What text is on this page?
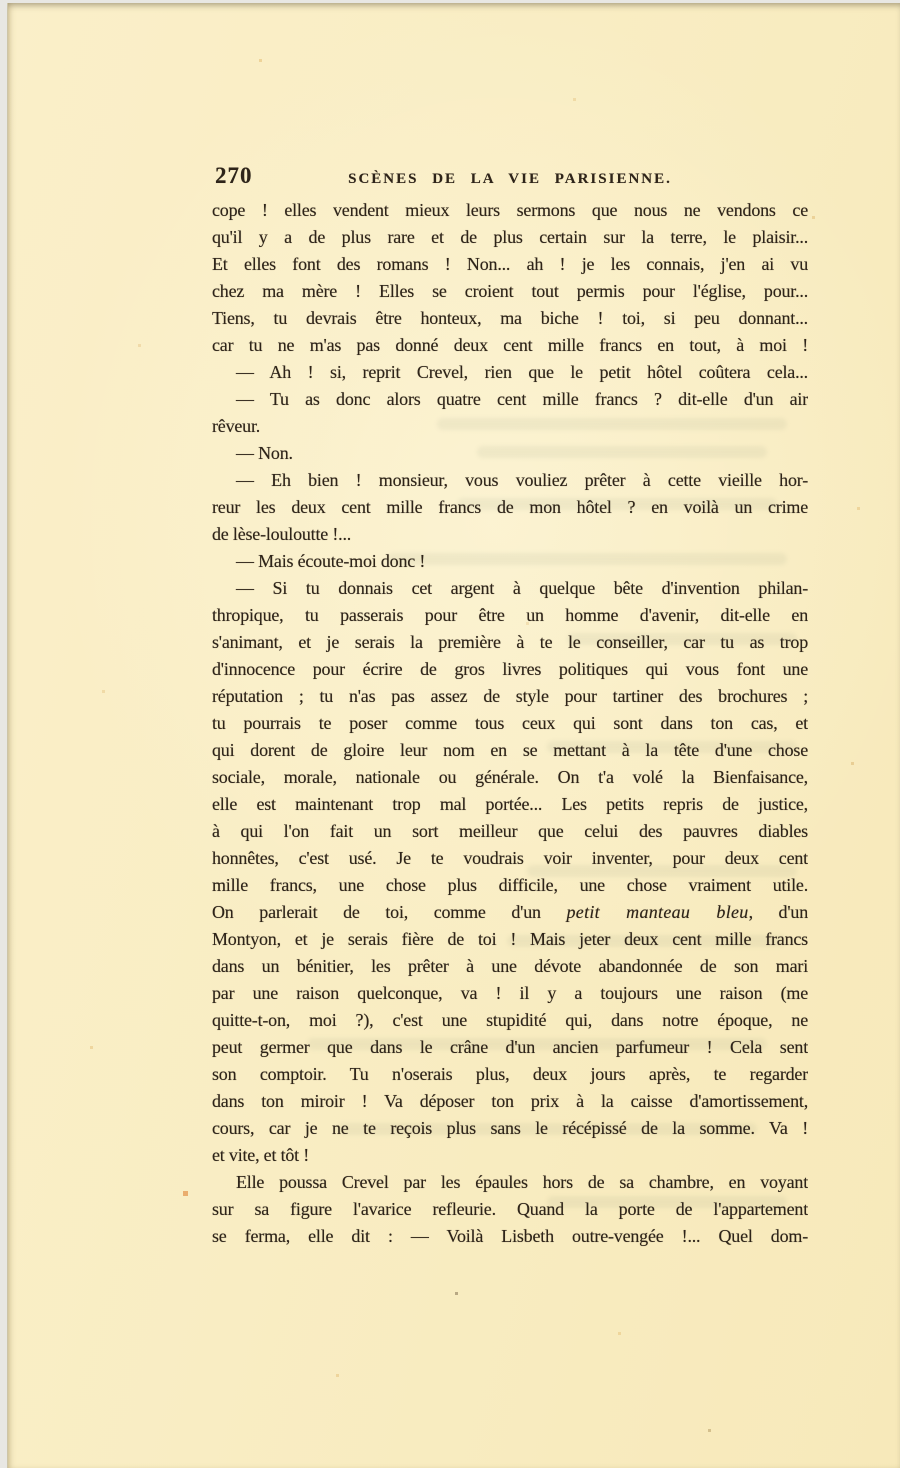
270	SCÈNES DE LA VIE PARISIENNE.
cope ! elles vendent mieux leurs sermons que nous ne vendons ce
qu'il y a de plus rare et de plus certain sur la terre, le plaisir...
Et elles font des romans ! Non... ah ! je les connais, j'en ai vu
chez ma mère ! Elles se croient tout permis pour l'église, pour...
Tiens, tu devrais être honteux, ma biche ! toi, si peu donnant...
car tu ne m'as pas donné deux cent mille francs en tout, à moi !
— Ah ! si, reprit Crevel, rien que le petit hôtel coûtera cela...
— Tu as donc alors quatre cent mille francs ? dit-elle d'un air
rêveur.
— Non.
— Eh bien ! monsieur, vous vouliez prêter à cette vieille hor-
reur les deux cent mille francs de mon hôtel ? en voilà un crime
de lèse-louloutte !...
— Mais écoute-moi donc !
— Si tu donnais cet argent à quelque bête d'invention philan-
thropique, tu passerais pour être un homme d'avenir, dit-elle en
s'animant, et je serais la première à te le conseiller, car tu as trop
d'innocence pour écrire de gros livres politiques qui vous font une
réputation ; tu n'as pas assez de style pour tartiner des brochures ;
tu pourrais te poser comme tous ceux qui sont dans ton cas, et
qui dorent de gloire leur nom en se mettant à la tête d'une chose
sociale, morale, nationale ou générale. On t'a volé la Bienfaisance,
elle est maintenant trop mal portée... Les petits repris de justice,
à qui l'on fait un sort meilleur que celui des pauvres diables
honnêtes, c'est usé. Je te voudrais voir inventer, pour deux cent
mille francs, une chose plus difficile, une chose vraiment utile.
On parlerait de toi, comme d'un petit manteau bleu, d'un
Montyon, et je serais fière de toi ! Mais jeter deux cent mille francs
dans un bénitier, les prêter à une dévote abandonnée de son mari
par une raison quelconque, va ! il y a toujours une raison (me
quitte-t-on, moi ?), c'est une stupidité qui, dans notre époque, ne
peut germer que dans le crâne d'un ancien parfumeur ! Cela sent
son comptoir. Tu n'oserais plus, deux jours après, te regarder
dans ton miroir ! Va déposer ton prix à la caisse d'amortissement,
cours, car je ne te reçois plus sans le récépissé de la somme. Va !
et vite, et tôt !
Elle poussa Crevel par les épaules hors de sa chambre, en voyant
sur sa figure l'avarice refleurie. Quand la porte de l'appartement
se ferma, elle dit : — Voilà Lisbeth outre-vengée !... Quel dom-
